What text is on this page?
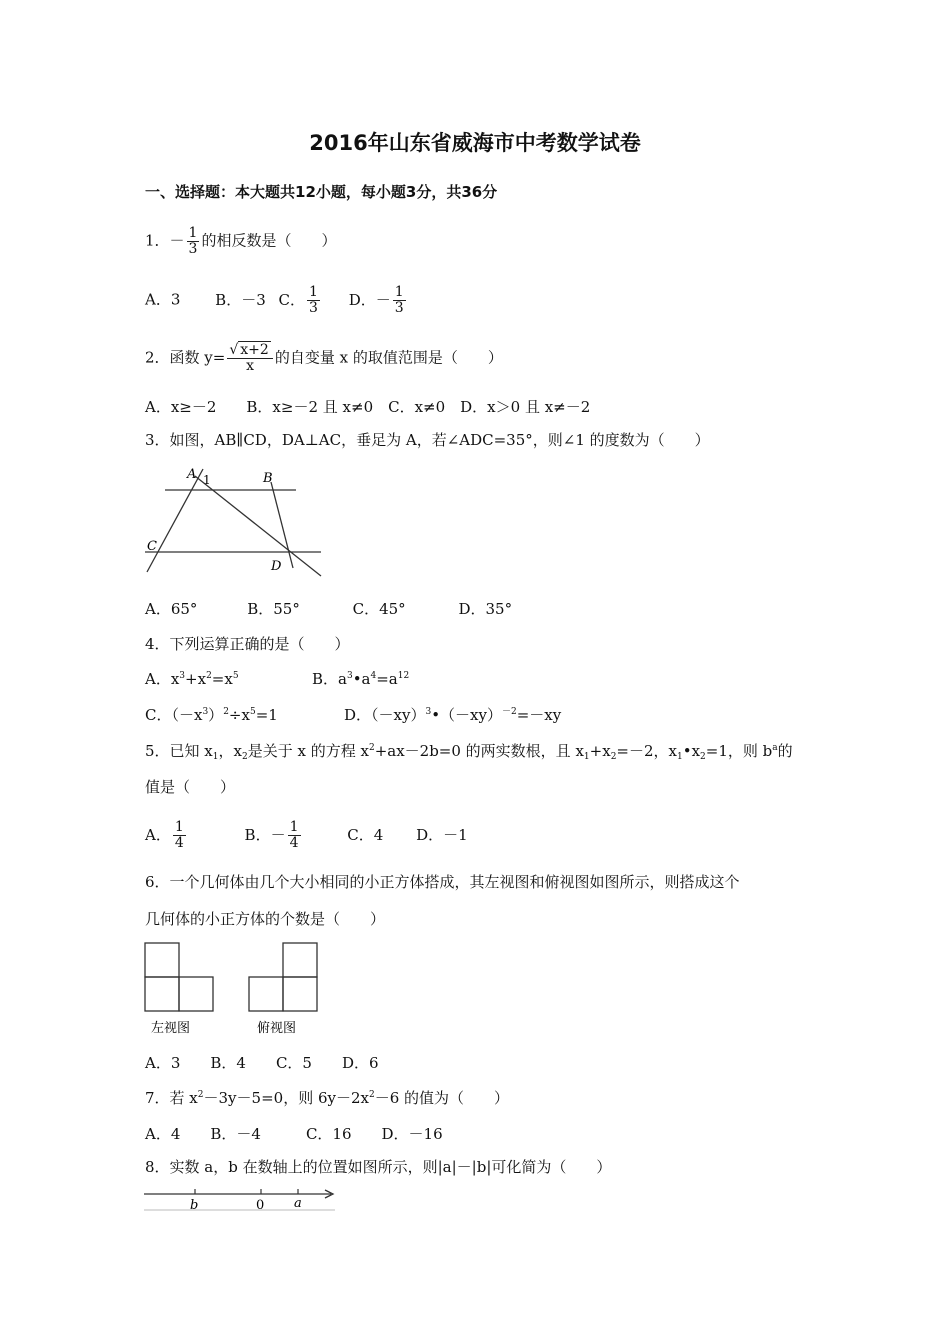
2016年山东省威海市中考数学试卷
一、选择题：本大题共12小题，每小题3分，共36分
1．－ $\frac{1}{3}$ 的相反数是（　　）
A．3 B．－3 C． $\frac{1}{3}$ D．－ $\frac{1}{3}$
2．函数 $y= \frac{√ x+2}{x}$ 的自变量 x 的取值范围是（　　）
A．x≥－2　　B．x≥－2 且 x≠0　C．x≠0　D．x＞0 且 x≠－2
3．如图，AB∥CD，DA⊥AC，垂足为 A，若∠ADC=35°，则∠1 的度数为（　　）
A 1	B
C
D
A．65°	B．55°	C．45°	D．35°
4．下列运算正确的是（　　）
A．$x^3+x^2=x^5$	B．$a^3•a^4=a^{12}$
C．$(-x^3)^2\div x^5=1$	D．$(-xy)^3•(-xy)^{-2}=-xy$
5．已知 $x_1$，$x_2$是关于 x 的方程 $x^2+ax-2b=0$ 的两实数根，且 $x_1+x_2=-2$，$x_1•x_2=1$，则 $b^a$的
值是（　　）
A． $\frac{1}{4}$	B．－ $\frac{1}{4}$	C．4 D．－1
6．一个几何体由几个大小相同的小正方体搭成，其左视图和俯视图如图所示，则搭成这个
几何体的小正方体的个数是（　　）
左视图	俯视图
A．3　　B．4　　C．5　　D．6
7．若 $x^2-3y-5=0$，则 $6y-2x^2-6$ 的值为（　　）
A．4　　B．－4　　　C．16　　D．－16
8．实数 a，b 在数轴上的位置如图所示，则|a|－|b|可化简为（　　）
b	0 a
